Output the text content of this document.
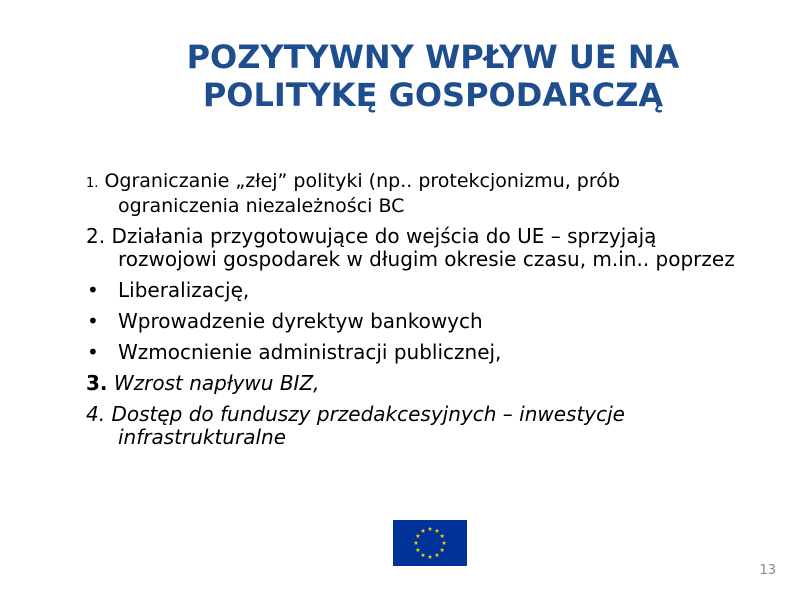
POZYTYWNY WPŁYW UE NA
POLITYKĘ GOSPODARCZĄ
1. Ograniczanie „złej” polityki (np.. protekcjonizmu, prób
ograniczenia niezależności BC
2. Działania przygotowujące do wejścia do UE – sprzyjają
rozwojowi gospodarek w długim okresie czasu, m.in.. poprzez
• Liberalizację,
• Wprowadzenie dyrektyw bankowych
• Wzmocnienie administracji publicznej,
3. Wzrost napływu BIZ,
4. Dostęp do funduszy przedakcesyjnych – inwestycje
infrastrukturalne
13
